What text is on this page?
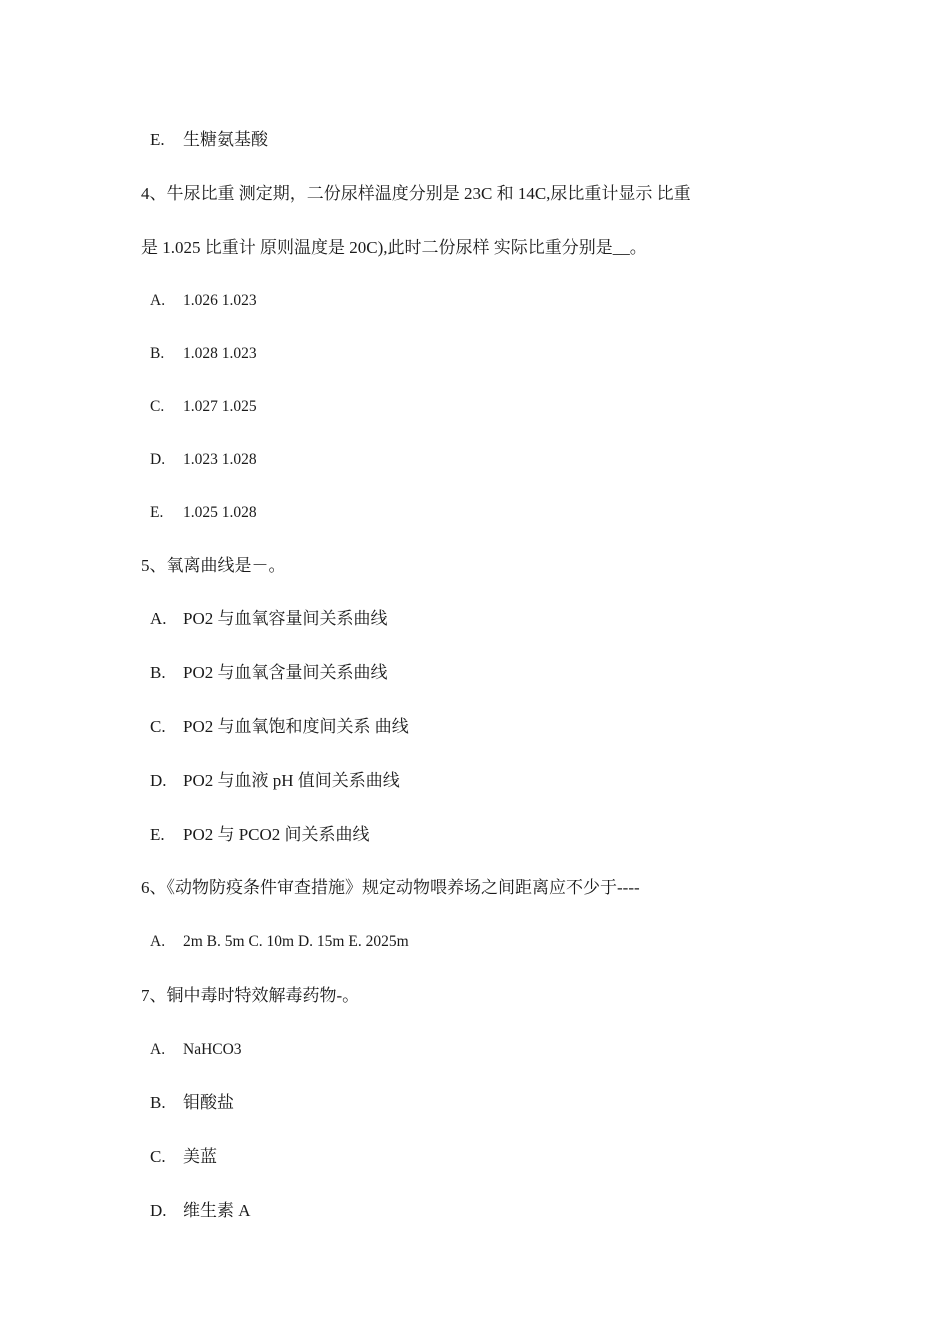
E. 生糖氨基酸
4、牛尿比重 测定期，二份尿样温度分别是 23C 和 14C,尿比重计显示 比重
是 1.025 比重计 原则温度是 20C),此时二份尿样 实际比重分别是__。
A. 1.026 1.023
B. 1.028 1.023
C. 1.027 1.025
D. 1.023 1.028
E. 1.025 1.028
5、氧离曲线是－。
A. PO2 与血氧容量间关系曲线
B. PO2 与血氧含量间关系曲线
C. PO2 与血氧饱和度间关系 曲线
D. PO2 与血液 pH 值间关系曲线
E. PO2 与 PCO2 间关系曲线
6、《动物防疫条件审查措施》规定动物喂养场之间距离应不少于----
A. 2m B. 5m C. 10m D. 15m E. 2025m
7、铜中毒时特效解毒药物-。
A. NaHCO3
B. 钼酸盐
C. 美蓝
D. 维生素 A
